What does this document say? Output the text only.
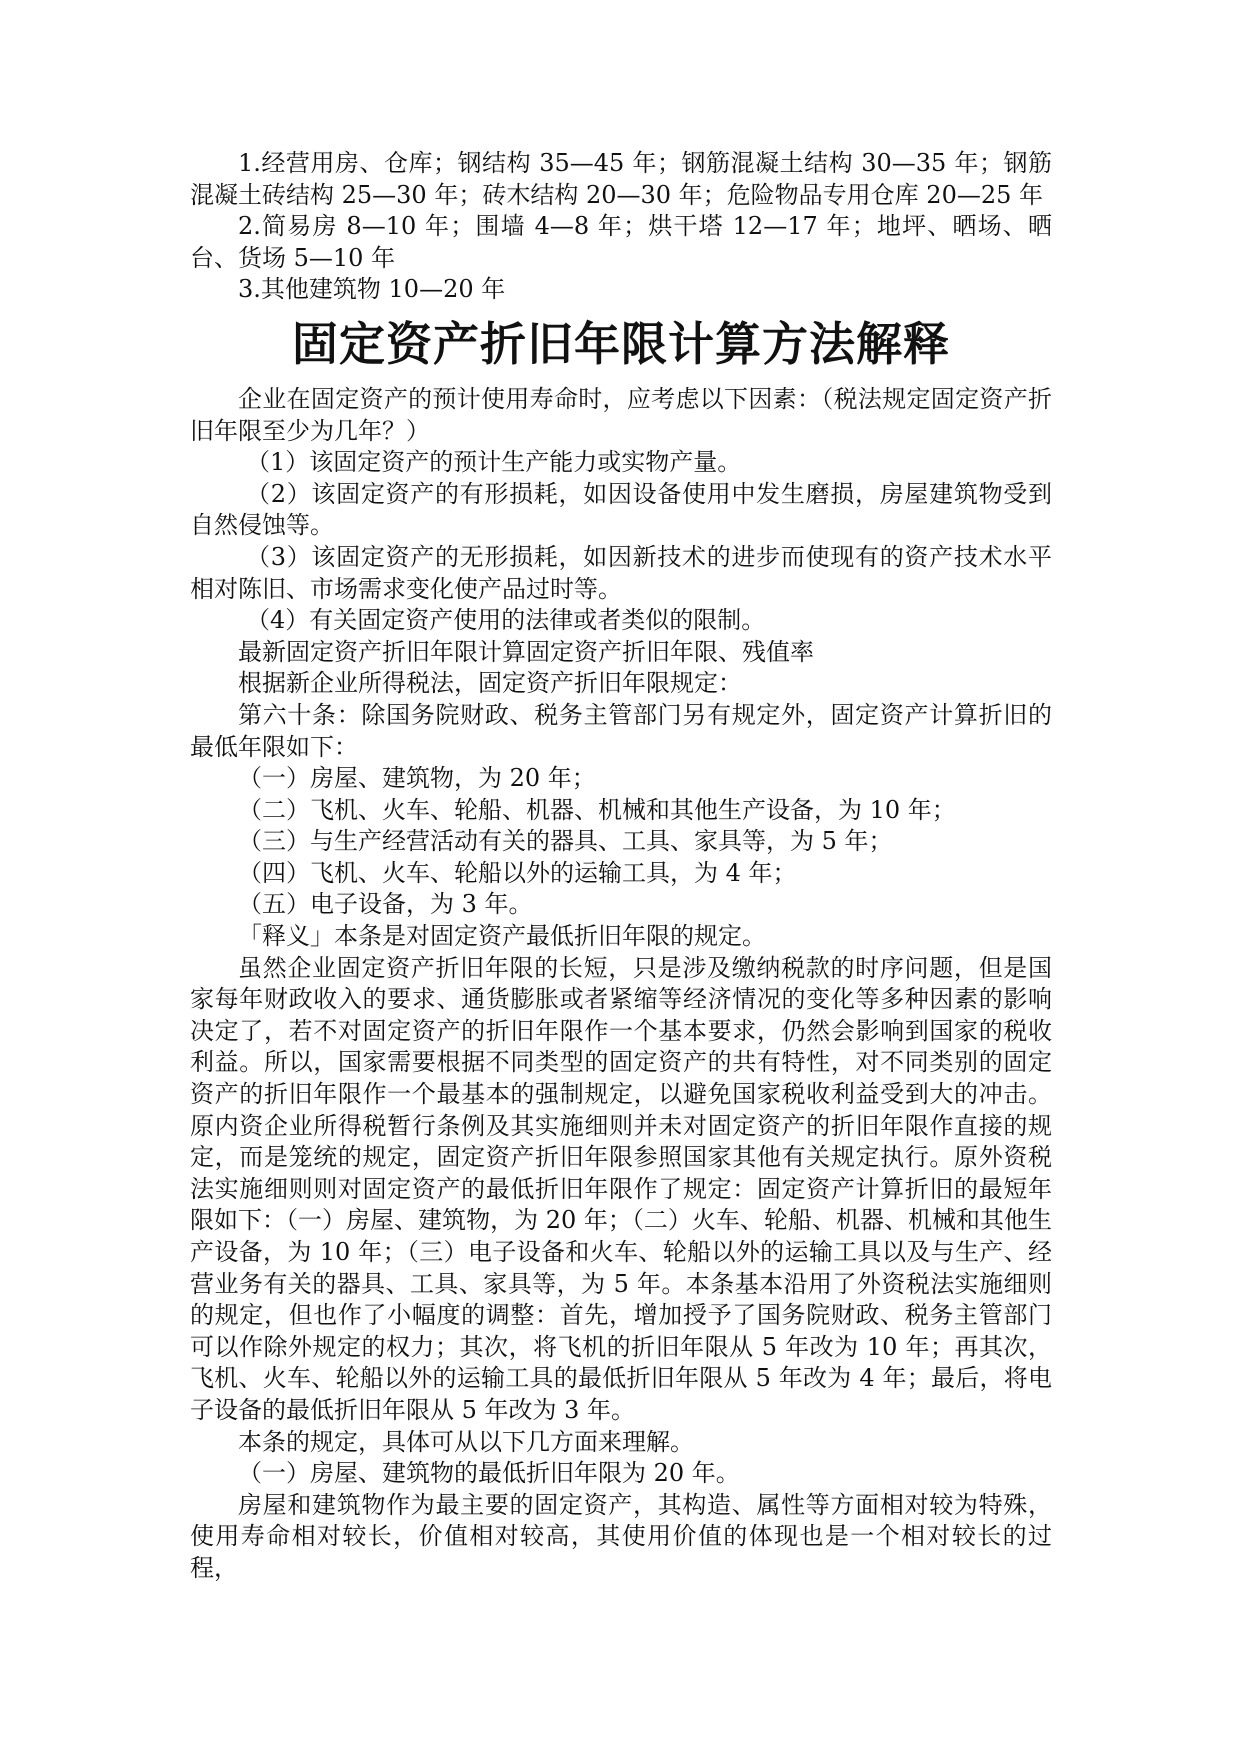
1.经营用房、仓库；钢结构 35—45 年；钢筋混凝土结构 30—35 年；钢筋混凝土砖结构 25—30 年；砖木结构 20—30 年；危险物品专用仓库 20—25 年

2.简易房 8—10 年；围墙 4—8 年；烘干塔 12—17 年；地坪、晒场、晒台、货场 5—10 年

3.其他建筑物 10—20 年

固定资产折旧年限计算方法解释

企业在固定资产的预计使用寿命时，应考虑以下因素：（税法规定固定资产折旧年限至少为几年？）

（1）该固定资产的预计生产能力或实物产量。

（2）该固定资产的有形损耗，如因设备使用中发生磨损，房屋建筑物受到自然侵蚀等。

（3）该固定资产的无形损耗，如因新技术的进步而使现有的资产技术水平相对陈旧、市场需求变化使产品过时等。

（4）有关固定资产使用的法律或者类似的限制。

最新固定资产折旧年限计算固定资产折旧年限、残值率

根据新企业所得税法，固定资产折旧年限规定：

第六十条：除国务院财政、税务主管部门另有规定外，固定资产计算折旧的最低年限如下：

（一）房屋、建筑物，为 20 年；

（二）飞机、火车、轮船、机器、机械和其他生产设备，为 10 年；

（三）与生产经营活动有关的器具、工具、家具等，为 5 年；

（四）飞机、火车、轮船以外的运输工具，为 4 年；

（五）电子设备，为 3 年。

「释义」本条是对固定资产最低折旧年限的规定。

虽然企业固定资产折旧年限的长短，只是涉及缴纳税款的时序问题，但是国家每年财政收入的要求、通货膨胀或者紧缩等经济情况的变化等多种因素的影响决定了，若不对固定资产的折旧年限作一个基本要求，仍然会影响到国家的税收利益。所以，国家需要根据不同类型的固定资产的共有特性，对不同类别的固定资产的折旧年限作一个最基本的强制规定，以避免国家税收利益受到大的冲击。原内资企业所得税暂行条例及其实施细则并未对固定资产的折旧年限作直接的规定，而是笼统的规定，固定资产折旧年限参照国家其他有关规定执行。原外资税法实施细则则对固定资产的最低折旧年限作了规定：固定资产计算折旧的最短年限如下：（一）房屋、建筑物，为 20 年；（二）火车、轮船、机器、机械和其他生产设备，为 10 年；（三）电子设备和火车、轮船以外的运输工具以及与生产、经营业务有关的器具、工具、家具等，为 5 年。本条基本沿用了外资税法实施细则的规定，但也作了小幅度的调整：首先，增加授予了国务院财政、税务主管部门可以作除外规定的权力；其次，将飞机的折旧年限从 5 年改为 10 年；再其次，飞机、火车、轮船以外的运输工具的最低折旧年限从 5 年改为 4 年；最后，将电子设备的最低折旧年限从 5 年改为 3 年。

本条的规定，具体可从以下几方面来理解。

（一）房屋、建筑物的最低折旧年限为 20 年。

房屋和建筑物作为最主要的固定资产，其构造、属性等方面相对较为特殊，使用寿命相对较长，价值相对较高，其使用价值的体现也是一个相对较长的过程，
